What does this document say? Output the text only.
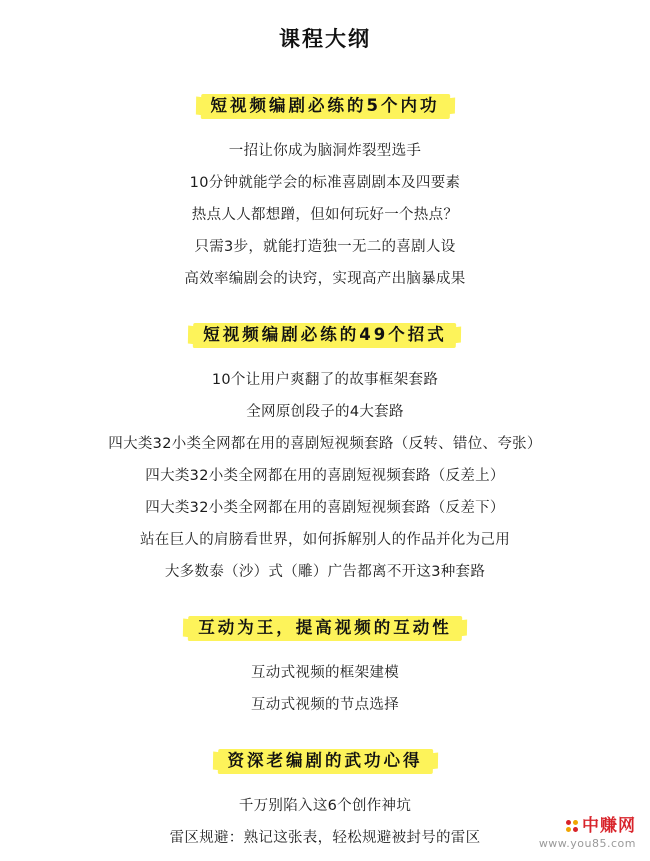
课程大纲
短视频编剧必练的5个内功
一招让你成为脑洞炸裂型选手
10分钟就能学会的标准喜剧剧本及四要素
热点人人都想蹭，但如何玩好一个热点？
只需3步，就能打造独一无二的喜剧人设
高效率编剧会的诀窍，实现高产出脑暴成果
短视频编剧必练的49个招式
10个让用户爽翻了的故事框架套路
全网原创段子的4大套路
四大类32小类全网都在用的喜剧短视频套路（反转、错位、夸张）
四大类32小类全网都在用的喜剧短视频套路（反差上）
四大类32小类全网都在用的喜剧短视频套路（反差下）
站在巨人的肩膀看世界，如何拆解别人的作品并化为己用
大多数泰（沙）式（雕）广告都离不开这3种套路
互动为王，提高视频的互动性
互动式视频的框架建模
互动式视频的节点选择
资深老编剧的武功心得
千万别陷入这6个创作神坑
雷区规避：熟记这张表，轻松规避被封号的雷区
中赚网
www.you85.com
